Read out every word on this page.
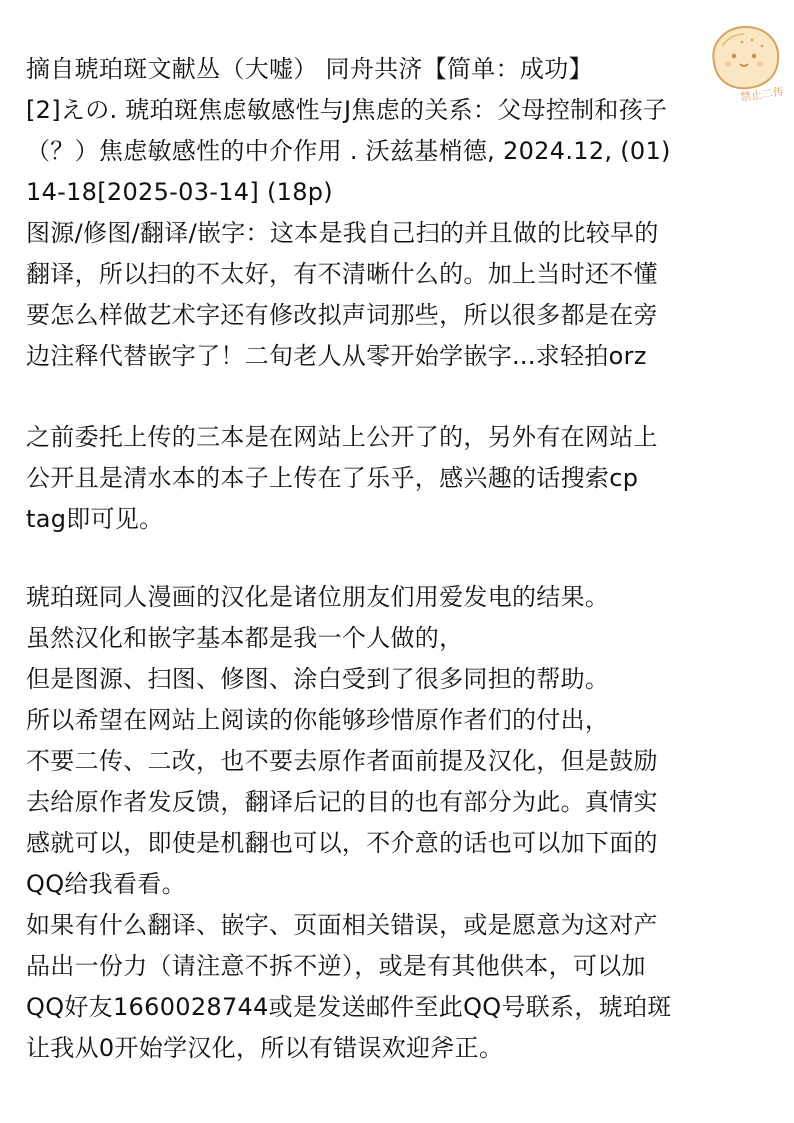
摘自琥珀斑文献丛（大嘘） 同舟共济【简单：成功】
[2]えの. 琥珀斑焦虑敏感性与J焦虑的关系：父母控制和孩子
（？）焦虑敏感性的中介作用 . 沃兹基梢德, 2024.12, (01)
14-18[2025-03-14] (18p)
图源/修图/翻译/嵌字：这本是我自己扫的并且做的比较早的
翻译，所以扫的不太好，有不清晰什么的。加上当时还不懂
要怎么样做艺术字还有修改拟声词那些，所以很多都是在旁
边注释代替嵌字了！二旬老人从零开始学嵌字...求轻拍orz
之前委托上传的三本是在网站上公开了的，另外有在网站上
公开且是清水本的本子上传在了乐乎，感兴趣的话搜索cp
tag即可见。
琥珀斑同人漫画的汉化是诸位朋友们用爱发电的结果。
虽然汉化和嵌字基本都是我一个人做的，
但是图源、扫图、修图、涂白受到了很多同担的帮助。
所以希望在网站上阅读的你能够珍惜原作者们的付出，
不要二传、二改，也不要去原作者面前提及汉化，但是鼓励
去给原作者发反馈，翻译后记的目的也有部分为此。真情实
感就可以，即使是机翻也可以，不介意的话也可以加下面的
QQ给我看看。
如果有什么翻译、嵌字、页面相关错误，或是愿意为这对产
品出一份力（请注意不拆不逆），或是有其他供本，可以加
QQ好友1660028744或是发送邮件至此QQ号联系，琥珀斑
让我从0开始学汉化，所以有错误欢迎斧正。
禁止二传
